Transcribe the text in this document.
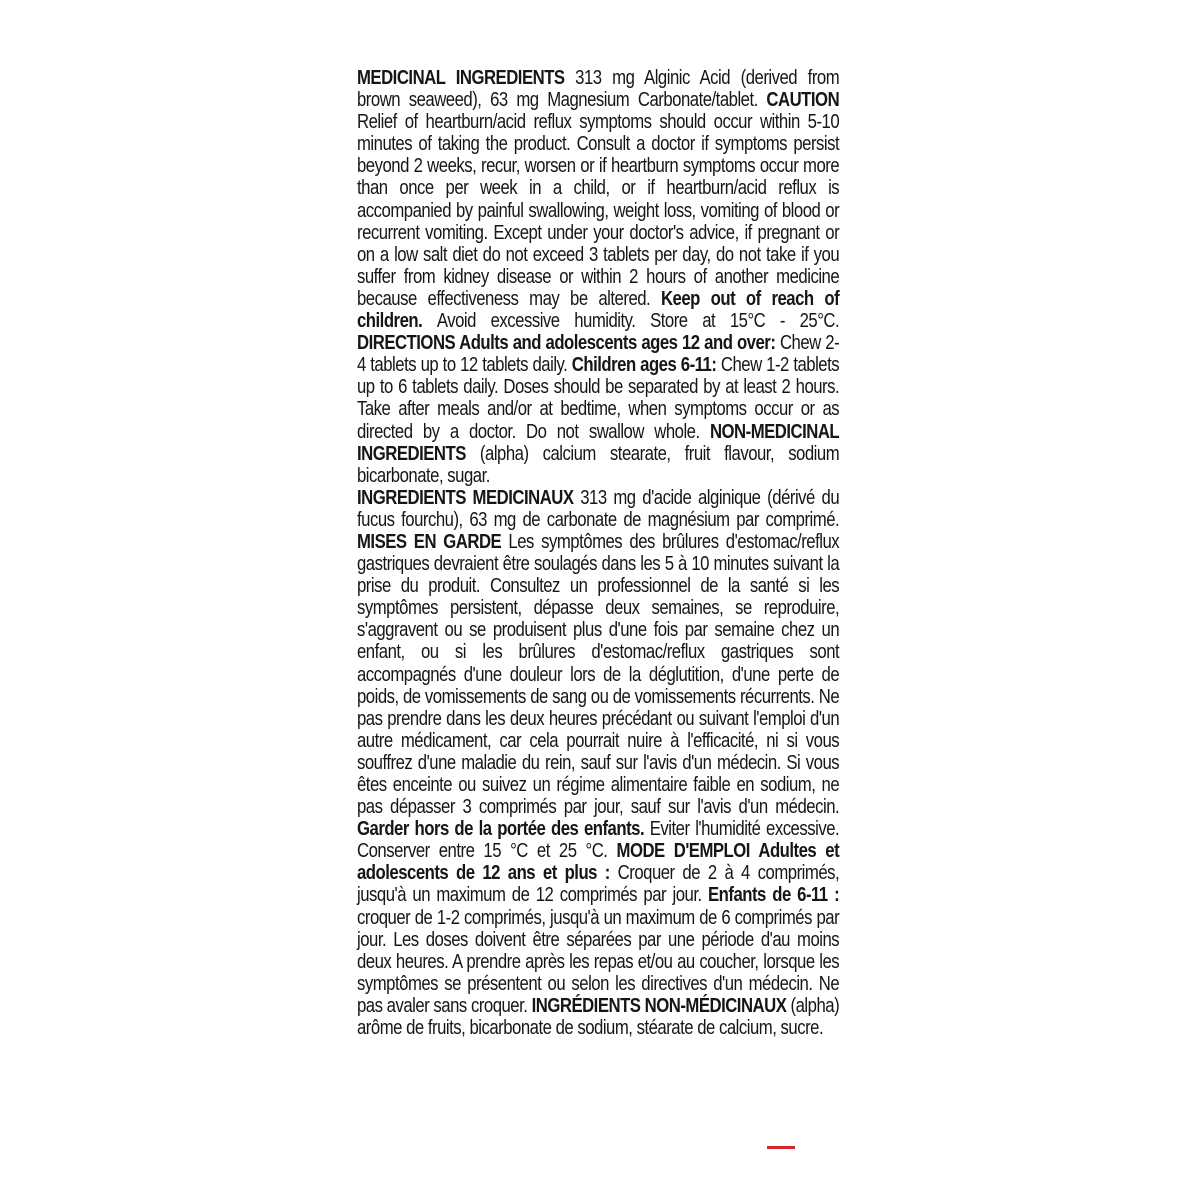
MEDICINAL INGREDIENTS 313 mg Alginic Acid (derived from brown seaweed), 63 mg Magnesium Carbonate/tablet. CAUTION Relief of heartburn/acid reflux symptoms should occur within 5-10 minutes of taking the product. Consult a doctor if symptoms persist beyond 2 weeks, recur, worsen or if heartburn symptoms occur more than once per week in a child, or if heartburn/acid reflux is accompanied by painful swallowing, weight loss, vomiting of blood or recurrent vomiting. Except under your doctor's advice, if pregnant or on a low salt diet do not exceed 3 tablets per day, do not take if you suffer from kidney disease or within 2 hours of another medicine because effectiveness may be altered. Keep out of reach of children. Avoid excessive humidity. Store at 15°C - 25°C. DIRECTIONS Adults and adolescents ages 12 and over: Chew 2-4 tablets up to 12 tablets daily. Children ages 6-11: Chew 1-2 tablets up to 6 tablets daily. Doses should be separated by at least 2 hours. Take after meals and/or at bedtime, when symptoms occur or as directed by a doctor. Do not swallow whole. NON-MEDICINAL INGREDIENTS (alpha) calcium stearate, fruit flavour, sodium bicarbonate, sugar.
INGREDIENTS MEDICINAUX 313 mg d'acide alginique (dérivé du fucus fourchu), 63 mg de carbonate de magnésium par comprimé. MISES EN GARDE Les symptômes des brûlures d'estomac/reflux gastriques devraient être soulagés dans les 5 à 10 minutes suivant la prise du produit. Consultez un professionnel de la santé si les symptômes persistent, dépasse deux semaines, se reproduire, s'aggravent ou se produisent plus d'une fois par semaine chez un enfant, ou si les brûlures d'estomac/reflux gastriques sont accompagnés d'une douleur lors de la déglutition, d'une perte de poids, de vomissements de sang ou de vomissements récurrents. Ne pas prendre dans les deux heures précédant ou suivant l'emploi d'un autre médicament, car cela pourrait nuire à l'efficacité, ni si vous souffrez d'une maladie du rein, sauf sur l'avis d'un médecin. Si vous êtes enceinte ou suivez un régime alimentaire faible en sodium, ne pas dépasser 3 comprimés par jour, sauf sur l'avis d'un médecin. Garder hors de la portée des enfants. Eviter l'humidité excessive. Conserver entre 15 °C et 25 °C. MODE D'EMPLOI Adultes et adolescents de 12 ans et plus : Croquer de 2 à 4 comprimés, jusqu'à un maximum de 12 comprimés par jour. Enfants de 6-11 : croquer de 1-2 comprimés, jusqu'à un maximum de 6 comprimés par jour. Les doses doivent être séparées par une période d'au moins deux heures. A prendre après les repas et/ou au coucher, lorsque les symptômes se présentent ou selon les directives d'un médecin. Ne pas avaler sans croquer. INGRÉDIENTS NON-MÉDICINAUX (alpha) arôme de fruits, bicarbonate de sodium, stéarate de calcium, sucre.
